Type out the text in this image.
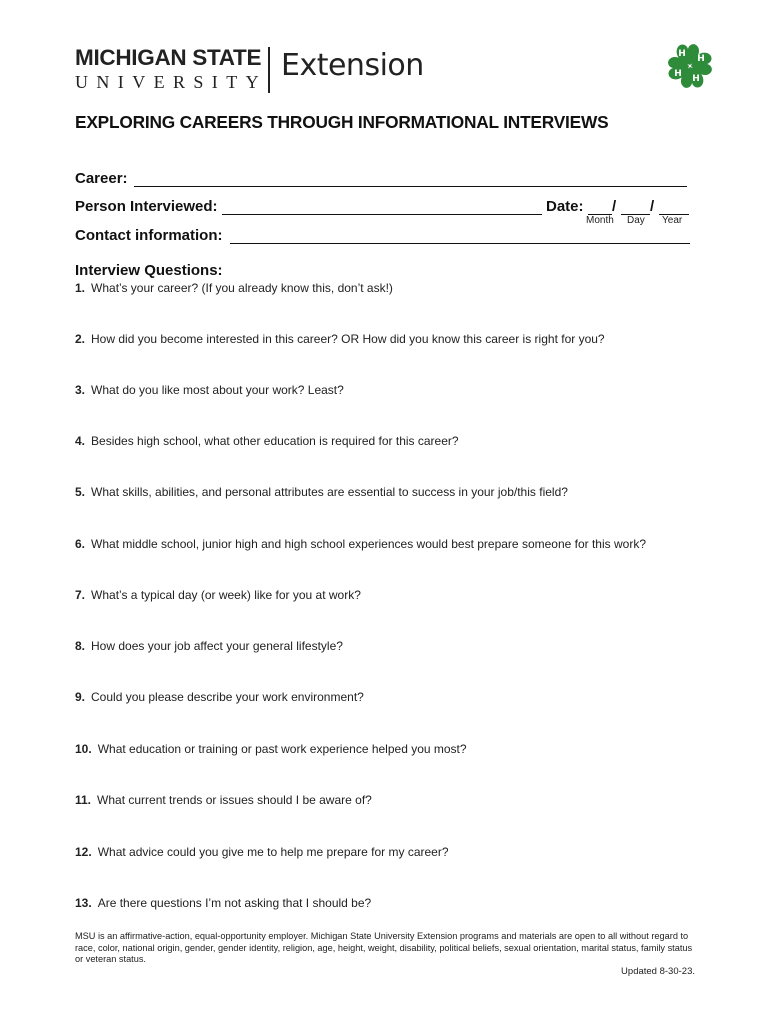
MICHIGAN STATE
UNIVERSITY Extension	H H
H
H
EXPLORING CAREERS THROUGH INFORMATIONAL INTERVIEWS
Career:
Person Interviewed:	Date: / /
Month Day Year
Contact information:
Interview Questions:
1. What’s your career? (If you already know this, don’t ask!)
2. How did you become interested in this career? OR How did you know this career is right for you?
3. What do you like most about your work? Least?
4. Besides high school, what other education is required for this career?
5. What skills, abilities, and personal attributes are essential to success in your job/this field?
6. What middle school, junior high and high school experiences would best prepare someone for this work?
7. What’s a typical day (or week) like for you at work?
8. How does your job affect your general lifestyle?
9. Could you please describe your work environment?
10. What education or training or past work experience helped you most?
11. What current trends or issues should I be aware of?
12. What advice could you give me to help me prepare for my career?
13. Are there questions I’m not asking that I should be?
MSU is an affirmative-action, equal-opportunity employer. Michigan State University Extension programs and materials are open to all without regard to race, color, national origin, gender, gender identity, religion, age, height, weight, disability, political beliefs, sexual orientation, marital status, family status or veteran status.
Updated 8-30-23.
